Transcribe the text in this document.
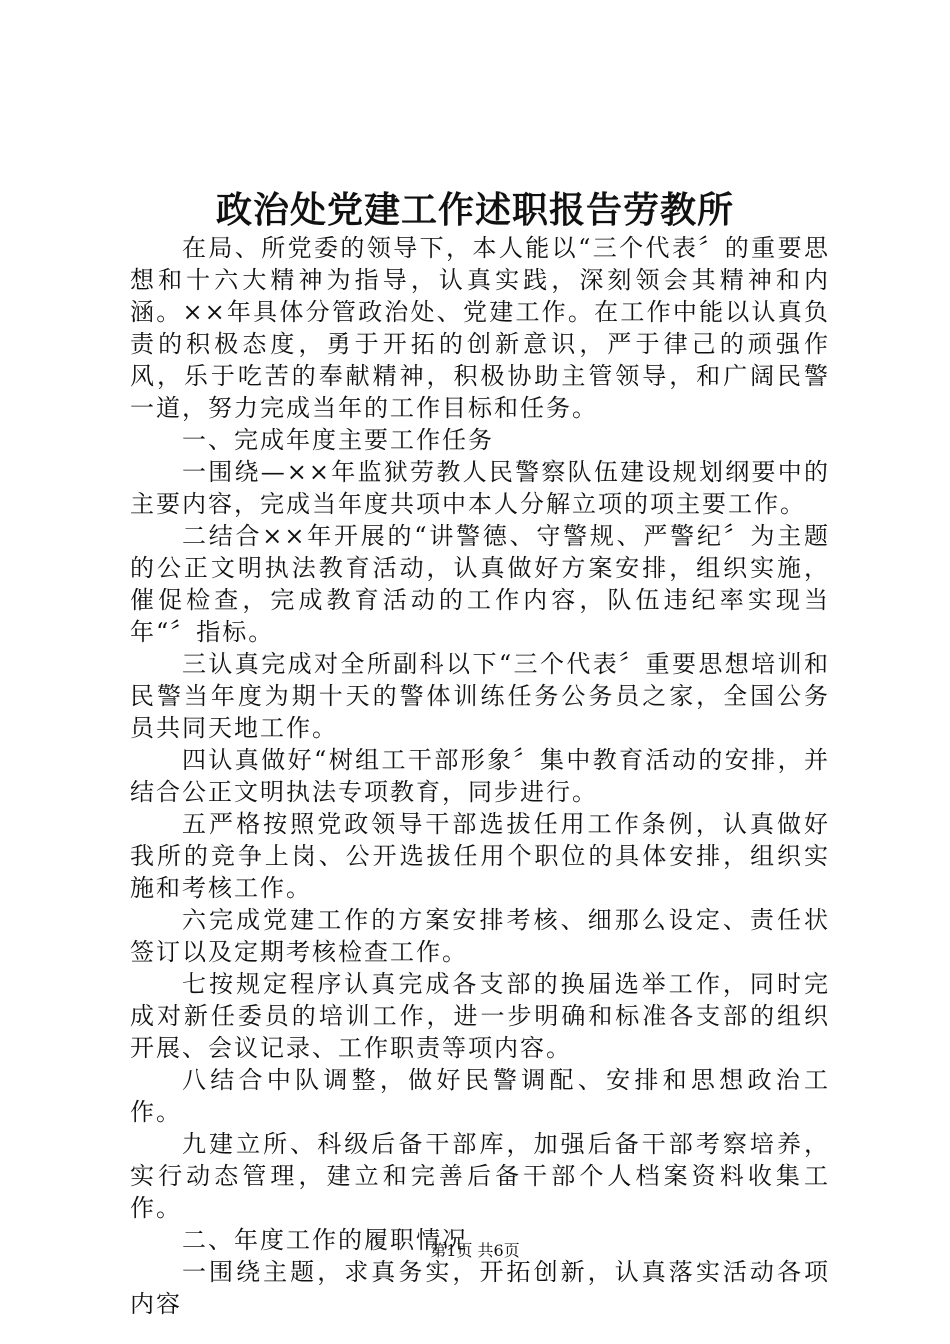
政治处党建工作述职报告劳教所

在局、所党委的领导下，本人能以“三个代表〞的重要思想和十六大精神为指导，认真实践，深刻领会其精神和内涵。××年具体分管政治处、党建工作。在工作中能以认真负责的积极态度，勇于开拓的创新意识，严于律己的顽强作风，乐于吃苦的奉献精神，积极协助主管领导，和广阔民警一道，努力完成当年的工作目标和任务。

一、完成年度主要工作任务

一围绕—××年监狱劳教人民警察队伍建设规划纲要中的主要内容，完成当年度共项中本人分解立项的项主要工作。

二结合××年开展的“讲警德、守警规、严警纪〞为主题的公正文明执法教育活动，认真做好方案安排，组织实施，催促检查，完成教育活动的工作内容，队伍违纪率实现当年“〞指标。

三认真完成对全所副科以下“三个代表〞重要思想培训和民警当年度为期十天的警体训练任务公务员之家，全国公务员共同天地工作。

四认真做好“树组工干部形象〞集中教育活动的安排，并结合公正文明执法专项教育，同步进行。

五严格按照党政领导干部选拔任用工作条例，认真做好我所的竞争上岗、公开选拔任用个职位的具体安排，组织实施和考核工作。

六完成党建工作的方案安排考核、细那么设定、责任状签订以及定期考核检查工作。

七按规定程序认真完成各支部的换届选举工作，同时完成对新任委员的培训工作，进一步明确和标准各支部的组织开展、会议记录、工作职责等项内容。

八结合中队调整，做好民警调配、安排和思想政治工作。

九建立所、科级后备干部库，加强后备干部考察培养，实行动态管理，建立和完善后备干部个人档案资料收集工作。

二、年度工作的履职情况

一围绕主题，求真务实，开拓创新，认真落实活动各项内容

第1页 共6页
